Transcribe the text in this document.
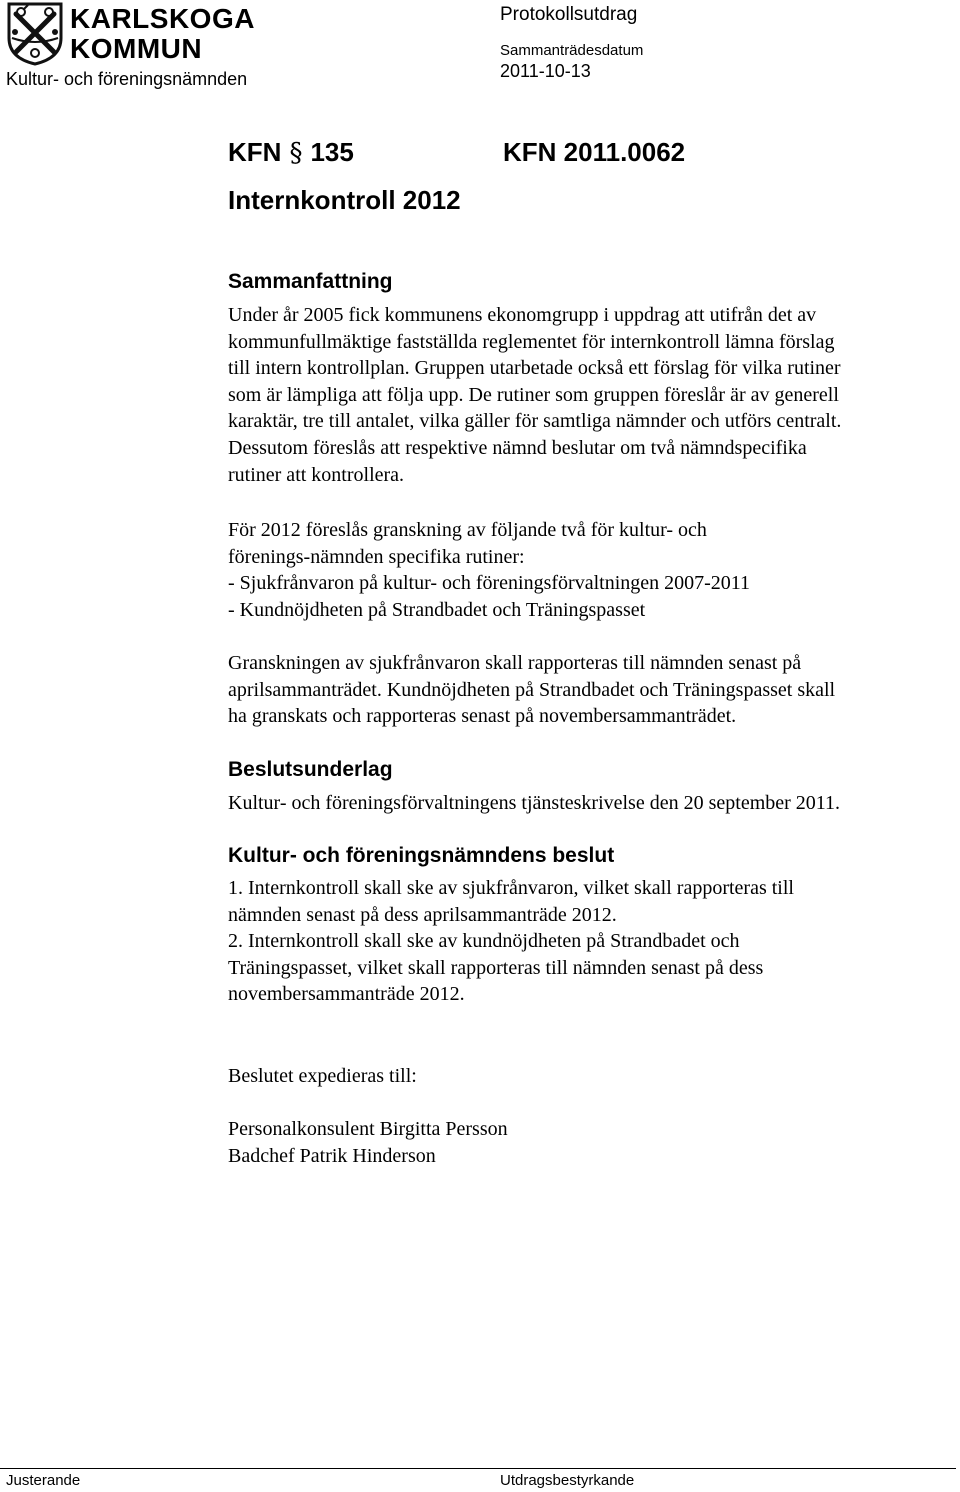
KARLSKOGA
KOMMUN
Kultur- och föreningsnämnden
Protokollsutdrag
Sammanträdesdatum
2011-10-13
KFN § 135	KFN 2011.0062
Internkontroll 2012
Sammanfattning
Under år 2005 fick kommunens ekonomgrupp i uppdrag att utifrån det av
kommunfullmäktige fastställda reglementet för internkontroll lämna förslag
till intern kontrollplan. Gruppen utarbetade också ett förslag för vilka rutiner
som är lämpliga att följa upp. De rutiner som gruppen föreslår är av generell
karaktär, tre till antalet, vilka gäller för samtliga nämnder och utförs centralt.
Dessutom föreslås att respektive nämnd beslutar om två nämndspecifika
rutiner att kontrollera.
För 2012 föreslås granskning av följande två för kultur- och
förenings-nämnden specifika rutiner:
- Sjukfrånvaron på kultur- och föreningsförvaltningen 2007-2011
- Kundnöjdheten på Strandbadet och Träningspasset
Granskningen av sjukfrånvaron skall rapporteras till nämnden senast på
aprilsammanträdet. Kundnöjdheten på Strandbadet och Träningspasset skall
ha granskats och rapporteras senast på novembersammanträdet.
Beslutsunderlag
Kultur- och föreningsförvaltningens tjänsteskrivelse den 20 september 2011.
Kultur- och föreningsnämndens beslut
1. Internkontroll skall ske av sjukfrånvaron, vilket skall rapporteras till
nämnden senast på dess aprilsammanträde 2012.
2. Internkontroll skall ske av kundnöjdheten på Strandbadet och
Träningspasset, vilket skall rapporteras till nämnden senast på dess
novembersammanträde 2012.
Beslutet expedieras till:
Personalkonsulent Birgitta Persson
Badchef Patrik Hinderson
Justerande	Utdragsbestyrkande
